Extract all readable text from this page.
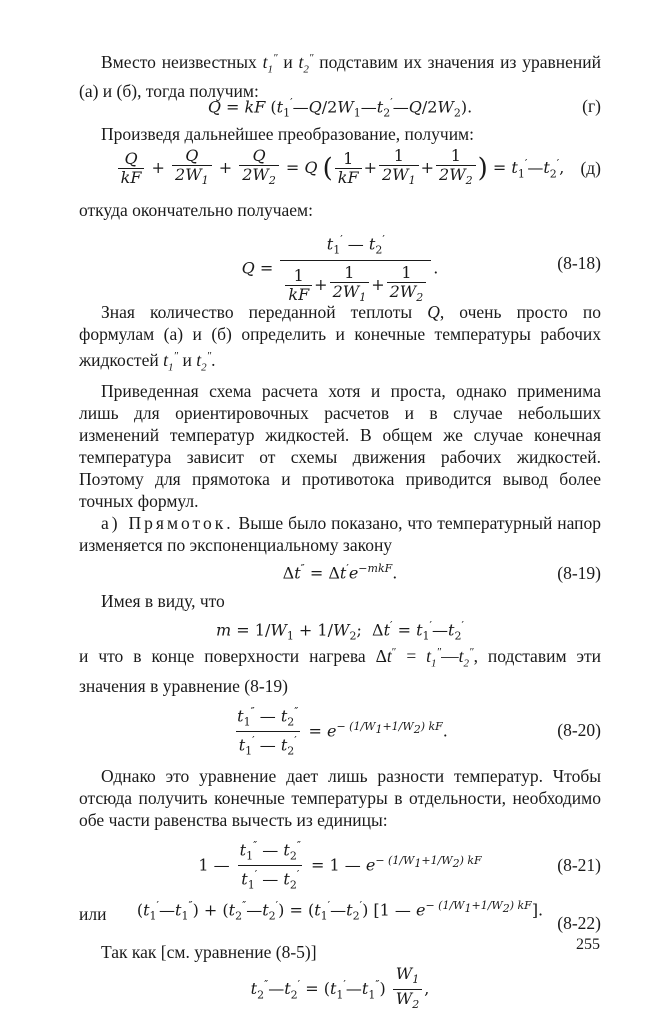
Вместо неизвестных $t_1''$ и $t_2''$ подставим их значения из уравнений (а) и (б), тогда получим:

Q = kF $(t_1'—Q/2W_1—t_2'—Q/2W_2)$.	(г)

Произведя дальнейшее преобразование, получим:

$\frac{Q}{kF} + \frac{Q}{2W_1} + \frac{Q}{2W_2} = Q$ ( $\frac{1}{kF} + \frac{1}{2W_1} + \frac{1}{2W_2}$ ) = $t_1'—t_2'$, (д)

откуда окончательно получаем:

$Q = \frac{t_1' — t_2'}{\frac{1}{kF} + \frac{1}{2W_1} + \frac{1}{2W_2}}$ .	(8-18)

Зная количество переданной теплоты Q, очень просто по формулам (а) и (б) определить и конечные температуры рабочих жидкостей $t_1''$ и $t_2''$.

Приведенная схема расчета хотя и проста, однако применима лишь для ориентировочных расчетов и в случае небольших изменений температур жидкостей. В общем же случае конечная температура зависит от схемы движения рабочих жидкостей. Поэтому для прямотока и противотока приводится вывод более точных формул.

а) Прямоток. Выше было показано, что температурный напор изменяется по экспоненциальному закону

$\Delta t'' = \Delta t'e^{-mkF}$.	(8-19)

Имея в виду, что

$m = 1/W_1 + 1/W_2$;  $\Delta t' = t_1'—t_2'$

и что в конце поверхности нагрева $\Delta t'' = t_1''—t_2''$, подставим эти значения в уравнение (8-19)

$\frac{t_1'' — t_2''}{t_1' — t_2'} = e^{- (1/W_1+1/W_2) kF}$.	(8-20)

Однако это уравнение дает лишь разности температур. Чтобы отсюда получить конечные температуры в отдельности, необходимо обе части равенства вычесть из единицы:

1 — $\frac{t_1'' — t_2''}{t_1' — t_2'} = 1$ — $e^{- (1/W_1+1/W_2) kF}$	(8-21)
или $(t_1'—t_1'')$ + $(t_2''—t_2')$ = $(t_1'—t_2')$ [1 — $e^{- (1/W_1+1/W_2) kF}$].
(8-22)

Так как [см. уравнение (8-5)]

$t_2''—t_2'$ = $(t_1'—t_1'') \frac{W_1}{W_2}$ ,
255
